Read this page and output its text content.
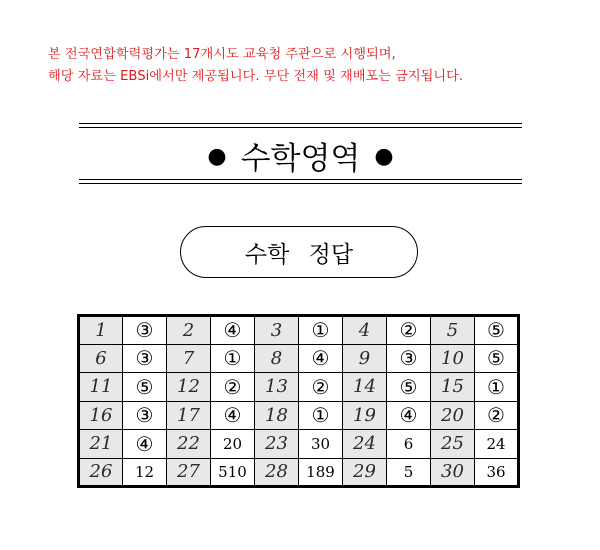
본 전국연합학력평가는 17개시도 교육청 주관으로 시행되며,
해당 자료는 EBSi에서만 제공됩니다. 무단 전재 및 재배포는 금지됩니다.
● 수학영역 ●
수학 정답
1	③	2	④	3	①	4	②	5	⑤
6	③	7	①	8	④	9	③	10	⑤
11	⑤	12	②	13	②	14	⑤	15	①
16	③	17	④	18	①	19	④	20	②
21	④	22	20	23	30	24	6	25	24
26	12	27	510	28	189	29	5	30	36
